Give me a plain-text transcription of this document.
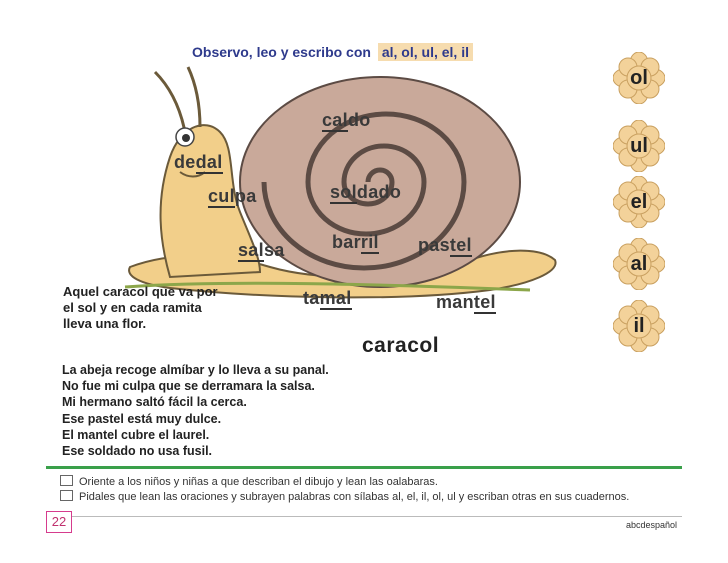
Observo, leo y escribo con al, ol, ul, el, il
caldo
dedal
culpa	soldado
salsa	barril pastel
tamal	mantel
ol
ul
el
al
il
Aquel caracol que va por
el sol y en cada ramita
lleva una flor.
caracol
La abeja recoge almíbar y lo lleva a su panal.
No fue mi culpa que se derramara la salsa.
Mi hermano saltó fácil la cerca.
Ese pastel está muy dulce.
El mantel cubre el laurel.
Ese soldado no usa fusil.
Oriente a los niños y niñas a que describan el dibujo y lean las oalabaras.
Pidales que lean las oraciones y subrayen palabras con sílabas al, el, il, ol, ul y escriban otras en sus cuadernos.
22	abcdespañol
